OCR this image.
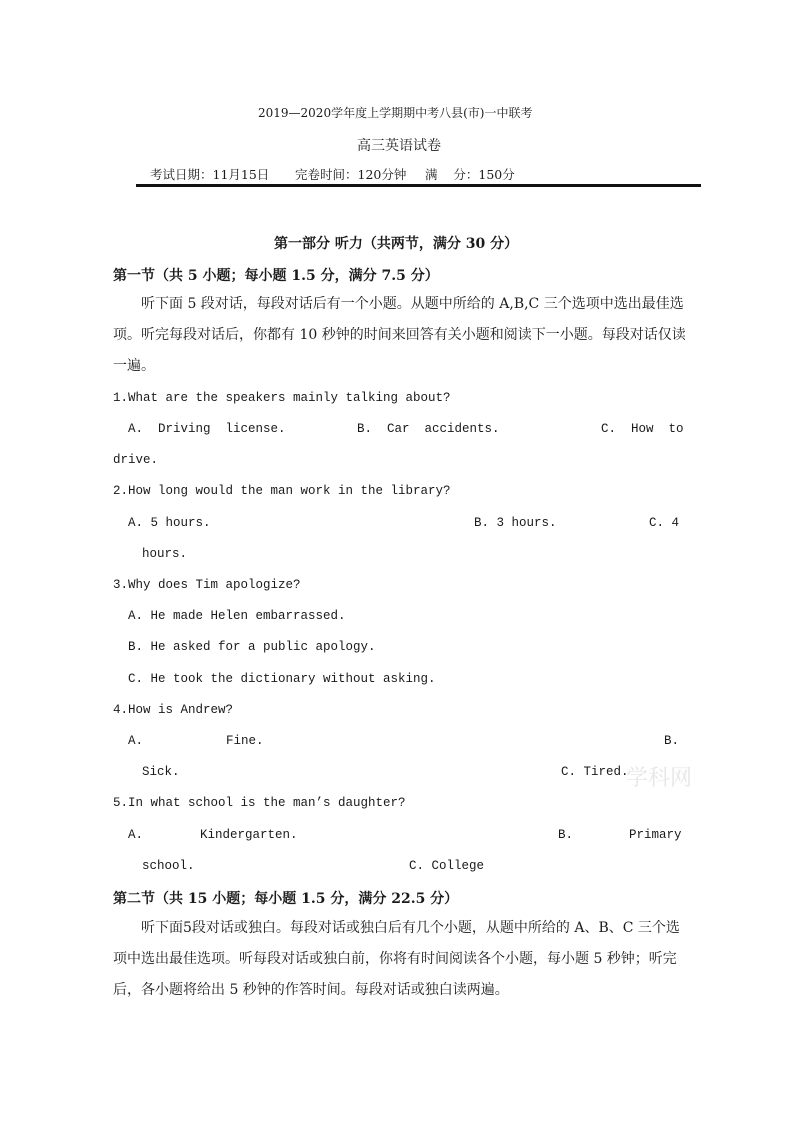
2019—2020学年度上学期期中考八县(市)一中联考
高三英语试卷
考试日期：11月15日 完卷时间：120分钟 满    分：150分
第一部分 听力（共两节，满分 30 分）
第一节（共 5 小题；每小题 1.5 分，满分 7.5 分）
听下面 5 段对话，每段对话后有一个小题。从题中所给的 A,B,C 三个选项中选出最佳选
项。听完每段对话后，你都有 10 秒钟的时间来回答有关小题和阅读下一小题。每段对话仅读
一遍。
1.What are the speakers mainly talking about?
A.  Driving  license.	B.  Car  accidents.	C.  How  to
drive.
2.How long would the man work in the library?
A. 5 hours.	B. 3 hours.	C. 4
hours.
3.Why does Tim apologize?
A. He made Helen embarrassed.
B. He asked for a public apology.
C. He took the dictionary without asking.
4.How is Andrew?
A.	Fine.	B.
Sick.	C. Tired.
学科网
5.In what school is the man’s daughter?
A.	Kindergarten.	B.	Primary
school.	C. College
第二节（共 15 小题；每小题 1.5 分，满分 22.5 分）
听下面5段对话或独白。每段对话或独白后有几个小题，从题中所给的 A、B、C 三个选
项中选出最佳选项。听每段对话或独白前，你将有时间阅读各个小题，每小题 5 秒钟；听完
后，各小题将给出 5 秒钟的作答时间。每段对话或独白读两遍。
